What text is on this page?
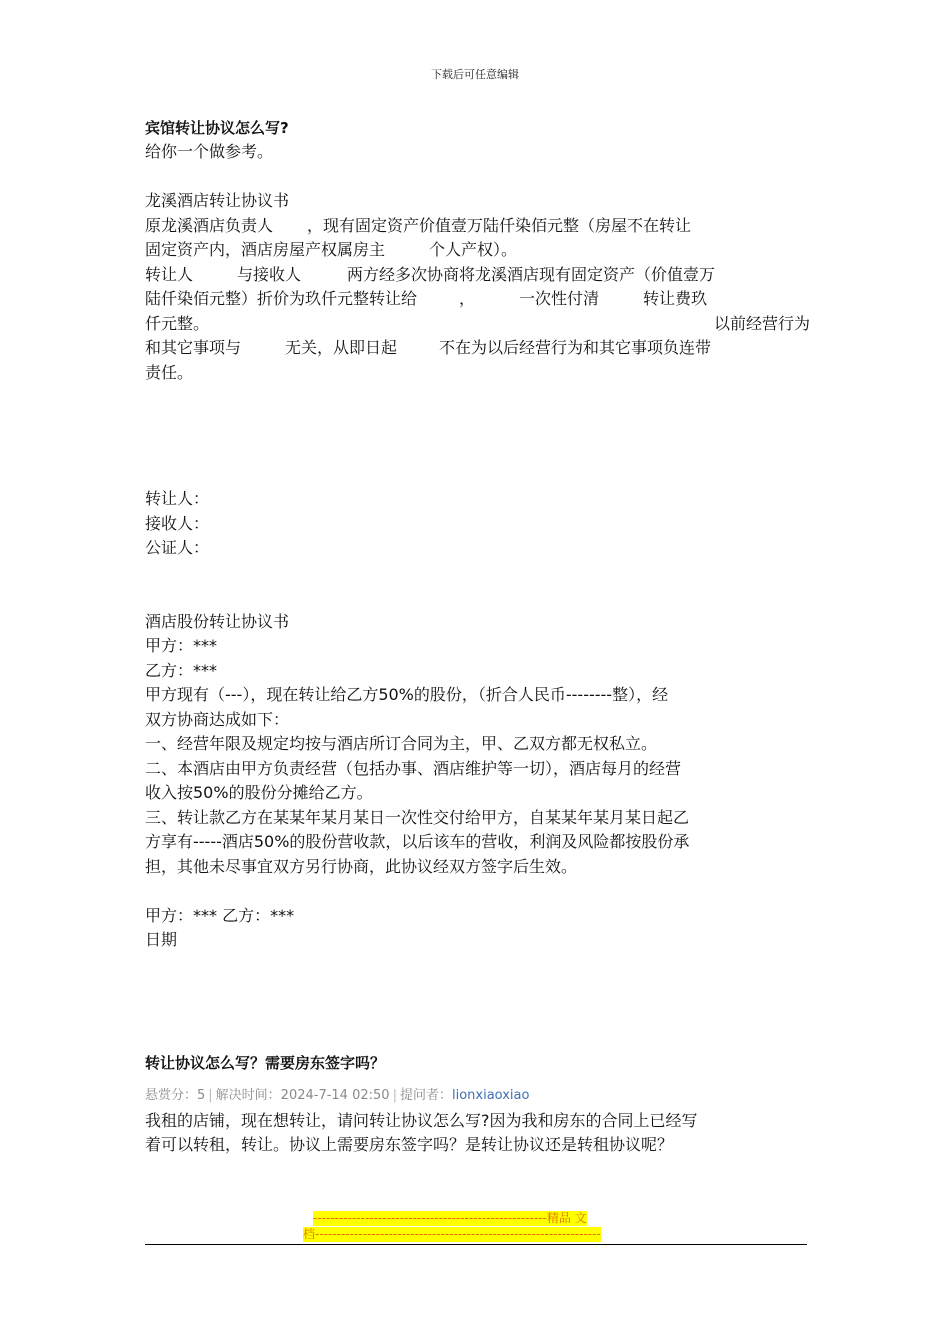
下载后可任意编辑
宾馆转让协议怎么写?
给你一个做参考。
龙溪酒店转让协议书
原龙溪酒店负责人 ，现有固定资产价值壹万陆仟染佰元整（房屋不在转让
固定资产内，酒店房屋产权属房主	个人产权）。
转让人	与接收人	两方经多次协商将龙溪酒店现有固定资产（价值壹万
陆仟染佰元整）折价为玖仟元整转让给	，	一次性付清	转让费玖
仟元整。	以前经营行为
和其它事项与	无关，从即日起	不在为以后经营行为和其它事项负连带
责任。
转让人：
接收人：
公证人：
酒店股份转让协议书
甲方：***
乙方：***
甲方现有（---），现在转让给乙方50%的股份，（折合人民币--------整），经
双方协商达成如下：
一、经营年限及规定均按与酒店所订合同为主，甲、乙双方都无权私立。
二、本酒店由甲方负责经营（包括办事、酒店维护等一切），酒店每月的经营
收入按50%的股份分摊给乙方。
三、转让款乙方在某某年某月某日一次性交付给甲方，自某某年某月某日起乙
方享有-----酒店50%的股份营收款，以后该车的营收，利润及风险都按股份承
担，其他未尽事宜双方另行协商，此协议经双方签字后生效。
甲方：*** 乙方：***
日期
转让协议怎么写？需要房东签字吗？
悬赏分：5 | 解决时间：2024-7-14 02:50 | 提问者：lionxiaoxiao
我租的店铺，现在想转让，请问转让协议怎么写?因为我和房东的合同上已经写
着可以转租，转让。协议上需要房东签字吗？是转让协议还是转租协议呢？
------------------------------------------------------精品 文
档------------------------------------------------------------------
